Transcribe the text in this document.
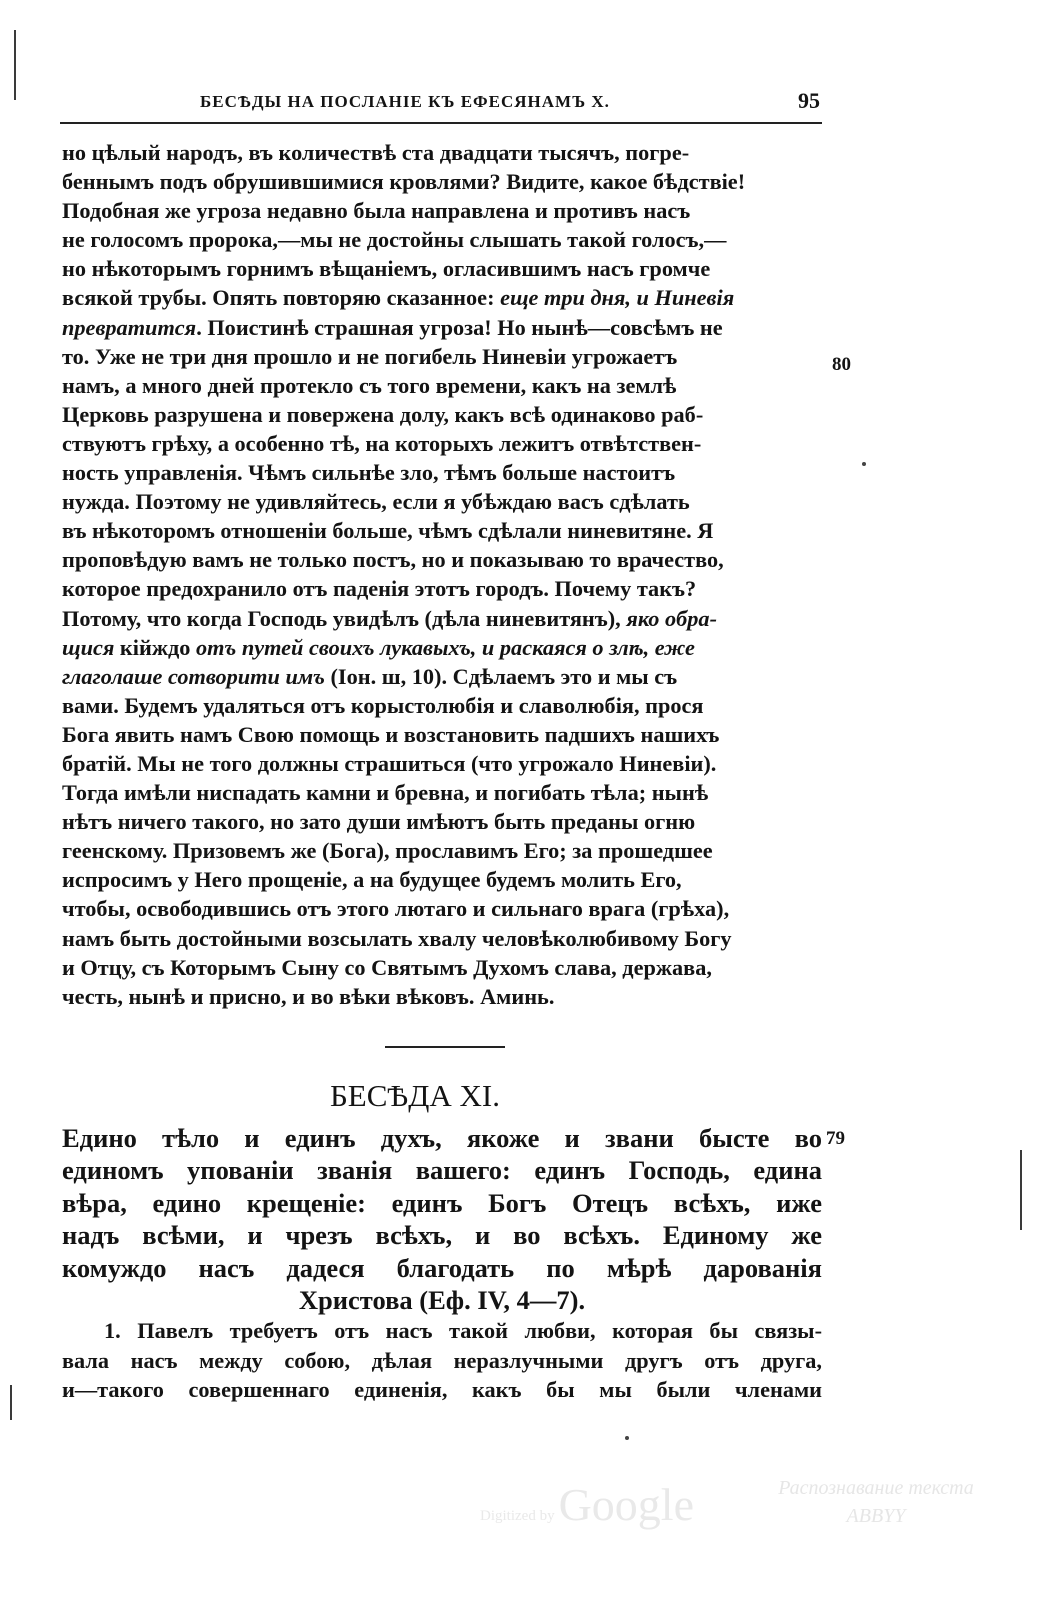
БЕСѢДЫ НА ПОСЛАНІЕ КЪ ЕФЕСЯНАМЪ X.	95
но цѣлый народъ, въ количествѣ ста двадцати тысячъ, погре-
беннымъ подъ обрушившимися кровлями? Видите, какое бѣдствіе!
Подобная же угроза недавно была направлена и противъ насъ
не голосомъ пророка,—мы не достойны слышать такой голосъ,—
но нѣкоторымъ горнимъ вѣщаніемъ, огласившимъ насъ громче
всякой трубы. Опять повторяю сказанное: еще три дня, и Ниневія
превратится. Поистинѣ страшная угроза! Но нынѣ—совсѣмъ не
то. Уже не три дня прошло и не погибель Ниневіи угрожаетъ
намъ, а много дней протекло съ того времени, какъ на землѣ
Церковь разрушена и повержена долу, какъ всѣ одинаково раб-
ствуютъ грѣху, а особенно тѣ, на которыхъ лежитъ отвѣтствен-
ность управленія. Чѣмъ сильнѣе зло, тѣмъ больше настоитъ
нужда. Поэтому не удивляйтесь, если я убѣждаю васъ сдѣлать
въ нѣкоторомъ отношеніи больше, чѣмъ сдѣлали ниневитяне. Я
проповѣдую вамъ не только постъ, но и показываю то врачество,
которое предохранило отъ паденія этотъ городъ. Почему такъ?
Потому, что когда Господь увидѣлъ (дѣла ниневитянъ), яко обра-
щися кійждо отъ путей своихъ лукавыхъ, и раскаяся о злѣ, еже
глаголаше сотворити имъ (Іон. ш, 10). Сдѣлаемъ это и мы съ
вами. Будемъ удаляться отъ корыстолюбія и славолюбія, прося
Бога явить намъ Свою помощь и возстановить падшихъ нашихъ
братій. Мы не того должны страшиться (что угрожало Ниневіи).
Тогда имѣли ниспадать камни и бревна, и погибать тѣла; нынѣ
нѣтъ ничего такого, но зато души имѣютъ быть преданы огню
геенскому. Призовемъ же (Бога), прославимъ Его; за прошедшее
испросимъ у Него прощеніе, а на будущее будемъ молить Его,
чтобы, освободившись отъ этого лютаго и сильнаго врага (грѣха),
намъ быть достойными возсылать хвалу человѣколюбивому Богу
и Отцу, съ Которымъ Сыну со Святымъ Духомъ слава, держава,
честь, нынѣ и присно, и во вѣки вѣковъ. Аминь.
80
79
БЕСѢДА XI.
Едино тѣло и единъ духъ, якоже и звани бысте во
единомъ упованіи званія вашего: единъ Господь, едина
вѣра, едино крещеніе: единъ Богъ Отецъ всѣхъ, иже
надъ всѣми, и чрезъ всѣхъ, и во всѣхъ. Единому же
комуждо насъ дадеся благодать по мѣрѣ дарованія
Христова (Еф. IV, 4—7).
1. Павелъ требуетъ отъ насъ такой любви, которая бы связы-
вала насъ между собою, дѣлая неразлучными другъ отъ друга,
и—такого совершеннаго единенія, какъ бы мы были членами
Digitized by Google	Распознавание текста
ABBYY
